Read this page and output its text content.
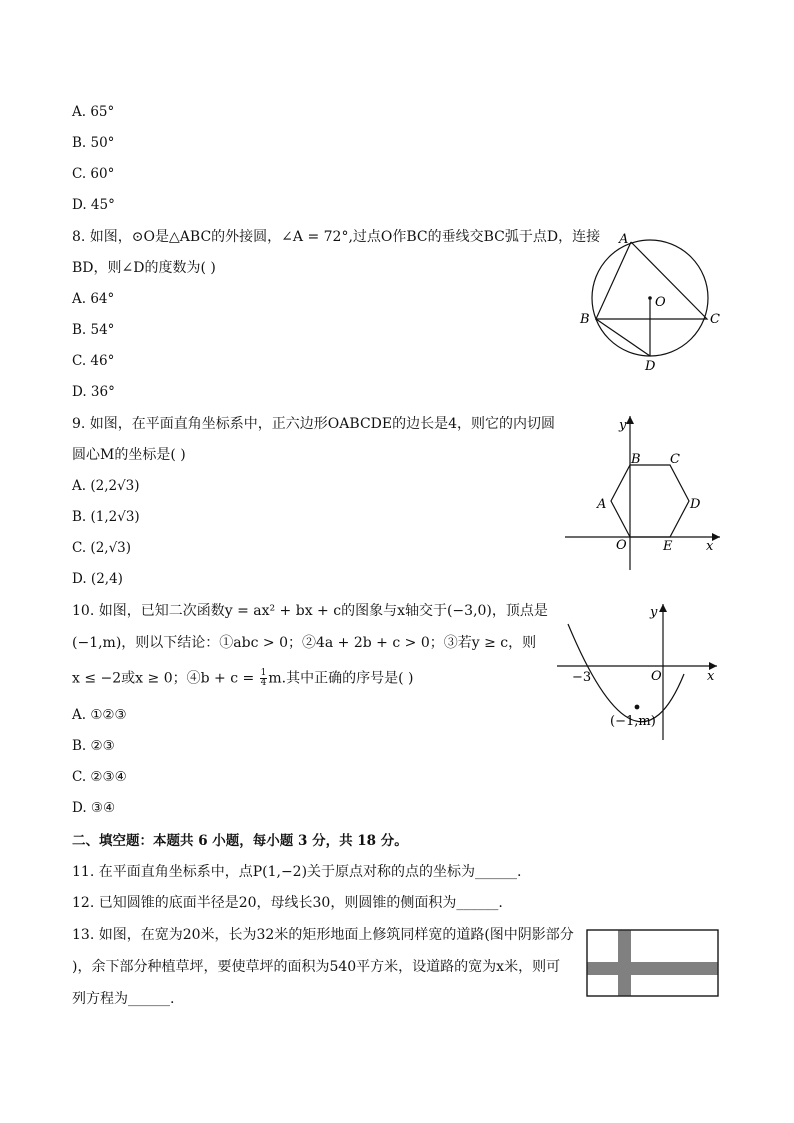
A. 65°
B. 50°
C. 60°
D. 45°
8. 如图，⊙O是△ABC的外接圆，∠A = 72°,过点O作BC的垂线交BC弧于点D，连接
BD，则∠D的度数为( )
A. 64°
B. 54°
C. 46°
D. 36°
A
B	C
D
O
9. 如图，在平面直角坐标系中，正六边形OABCDE的边长是4，则它的内切圆
圆心M的坐标是( )
A. (2,2√3)
B. (1,2√3)
C. (2,√3)
D. (2,4)
y
x
O
A
B C
D
E
10. 如图，已知二次函数y = ax² + bx + c的图象与x轴交于(−3,0)，顶点是
(−1,m)，则以下结论：①abc > 0；②4a + 2b + c > 0；③若y ≥ c，则
x ≤ −2或x ≥ 0；④b + $c = \frac{1}{4} m$.其中正确的序号是( )
A. ①②③
B. ②③
C. ②③④
D. ③④
y
x
O
−3
(−1,m)
二、填空题：本题共 6 小题，每小题 3 分，共 18 分。
11. 在平面直角坐标系中，点P(1,−2)关于原点对称的点的坐标为______.
12. 已知圆锥的底面半径是20，母线长30，则圆锥的侧面积为______.
13. 如图，在宽为20米，长为32米的矩形地面上修筑同样宽的道路(图中阴影部分
)，余下部分种植草坪，要使草坪的面积为540平方米，设道路的宽为x米，则可
列方程为______.
